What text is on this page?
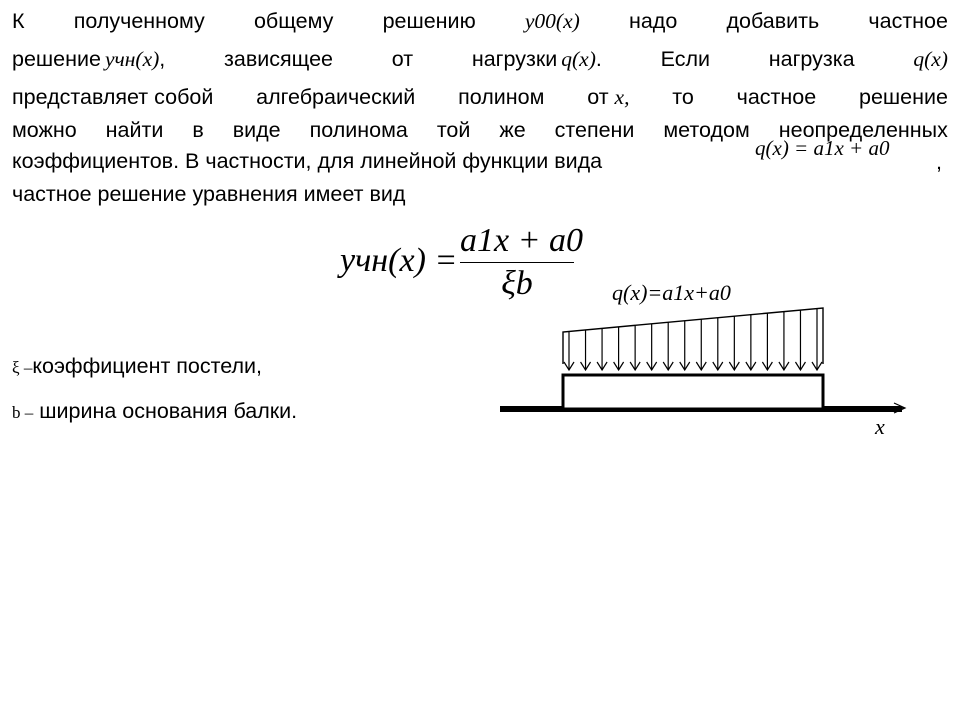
К полученному общему решению y00(x) надо добавить частное
решение yчн(x),	зависящее	от	нагрузки q(x).	Если	нагрузка	q(x)
представляет собой алгебраический полином от x, то частное решение
можно найти в виде полинома той же степени методом неопределенных
коэффициентов. В частности, для линейной функции вида
q(x) = a1x + a0
,
частное решение уравнения имеет вид
yчн(x) =
a1x + a0
ξb
ξ –коэффициент постели,
b – ширина основания балки.
q(x)=a1x+a0
x
